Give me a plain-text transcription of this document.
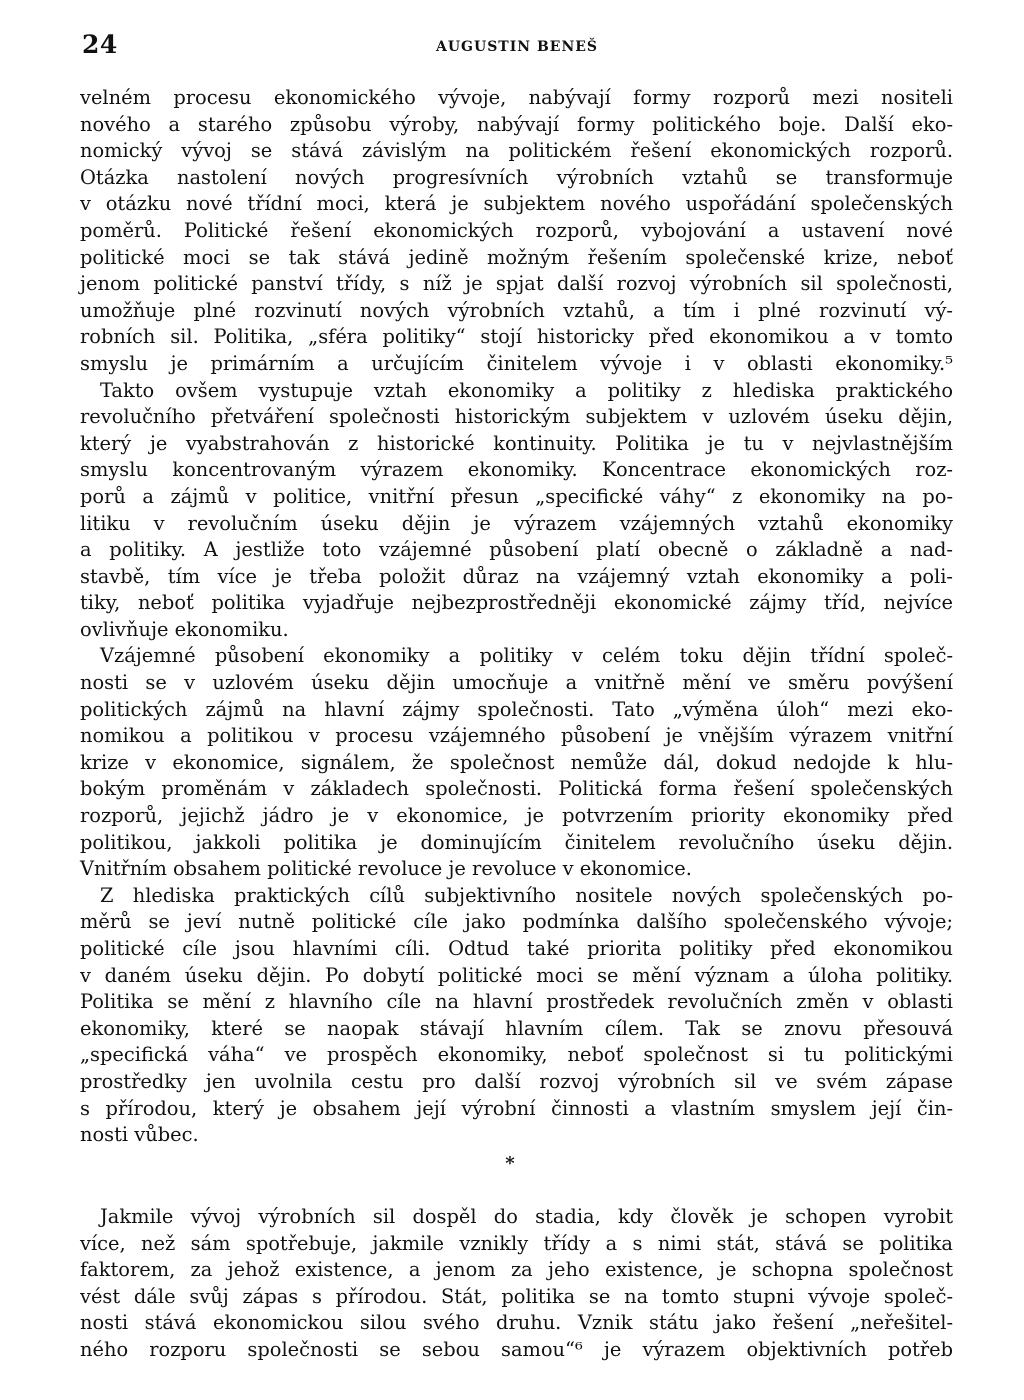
24	AUGUSTIN BENEŠ
velném procesu ekonomického vývoje, nabývají formy rozporů mezi nositeli
nového a starého způsobu výroby, nabývají formy politického boje. Další eko-
nomický vývoj se stává závislým na politickém řešení ekonomických rozporů.
Otázka nastolení nových progresívních výrobních vztahů se transformuje
v otázku nové třídní moci, která je subjektem nového uspořádání společenských
poměrů. Politické řešení ekonomických rozporů, vybojování a ustavení nové
politické moci se tak stává jedině možným řešením společenské krize, neboť
jenom politické panství třídy, s níž je spjat další rozvoj výrobních sil společnosti,
umožňuje plné rozvinutí nových výrobních vztahů, a tím i plné rozvinutí vý-
robních sil. Politika, „sféra politiky“ stojí historicky před ekonomikou a v tomto
smyslu je primárním a určujícím činitelem vývoje i v oblasti ekonomiky.⁵
Takto ovšem vystupuje vztah ekonomiky a politiky z hlediska praktického
revolučního přetváření společnosti historickým subjektem v uzlovém úseku dějin,
který je vyabstrahován z historické kontinuity. Politika je tu v nejvlastnějším
smyslu koncentrovaným výrazem ekonomiky. Koncentrace ekonomických roz-
porů a zájmů v politice, vnitřní přesun „specifické váhy“ z ekonomiky na po-
litiku v revolučním úseku dějin je výrazem vzájemných vztahů ekonomiky
a politiky. A jestliže toto vzájemné působení platí obecně o základně a nad-
stavbě, tím více je třeba položit důraz na vzájemný vztah ekonomiky a poli-
tiky, neboť politika vyjadřuje nejbezprostředněji ekonomické zájmy tříd, nejvíce
ovlivňuje ekonomiku.
Vzájemné působení ekonomiky a politiky v celém toku dějin třídní společ-
nosti se v uzlovém úseku dějin umocňuje a vnitřně mění ve směru povýšení
politických zájmů na hlavní zájmy společnosti. Tato „výměna úloh“ mezi eko-
nomikou a politikou v procesu vzájemného působení je vnějším výrazem vnitřní
krize v ekonomice, signálem, že společnost nemůže dál, dokud nedojde k hlu-
bokým proměnám v základech společnosti. Politická forma řešení společenských
rozporů, jejichž jádro je v ekonomice, je potvrzením priority ekonomiky před
politikou, jakkoli politika je dominujícím činitelem revolučního úseku dějin.
Vnitřním obsahem politické revoluce je revoluce v ekonomice.
Z hlediska praktických cílů subjektivního nositele nových společenských po-
měrů se jeví nutně politické cíle jako podmínka dalšího společenského vývoje;
politické cíle jsou hlavními cíli. Odtud také priorita politiky před ekonomikou
v daném úseku dějin. Po dobytí politické moci se mění význam a úloha politiky.
Politika se mění z hlavního cíle na hlavní prostředek revolučních změn v oblasti
ekonomiky, které se naopak stávají hlavním cílem. Tak se znovu přesouvá
„specifická váha“ ve prospěch ekonomiky, neboť společnost si tu politickými
prostředky jen uvolnila cestu pro další rozvoj výrobních sil ve svém zápase
s přírodou, který je obsahem její výrobní činnosti a vlastním smyslem její čin-
nosti vůbec.
*
Jakmile vývoj výrobních sil dospěl do stadia, kdy člověk je schopen vyrobit
více, než sám spotřebuje, jakmile vznikly třídy a s nimi stát, stává se politika
faktorem, za jehož existence, a jenom za jeho existence, je schopna společnost
vést dále svůj zápas s přírodou. Stát, politika se na tomto stupni vývoje společ-
nosti stává ekonomickou silou svého druhu. Vznik státu jako řešení „neřešitel-
ného rozporu společnosti se sebou samou“⁶ je výrazem objektivních potřeb
